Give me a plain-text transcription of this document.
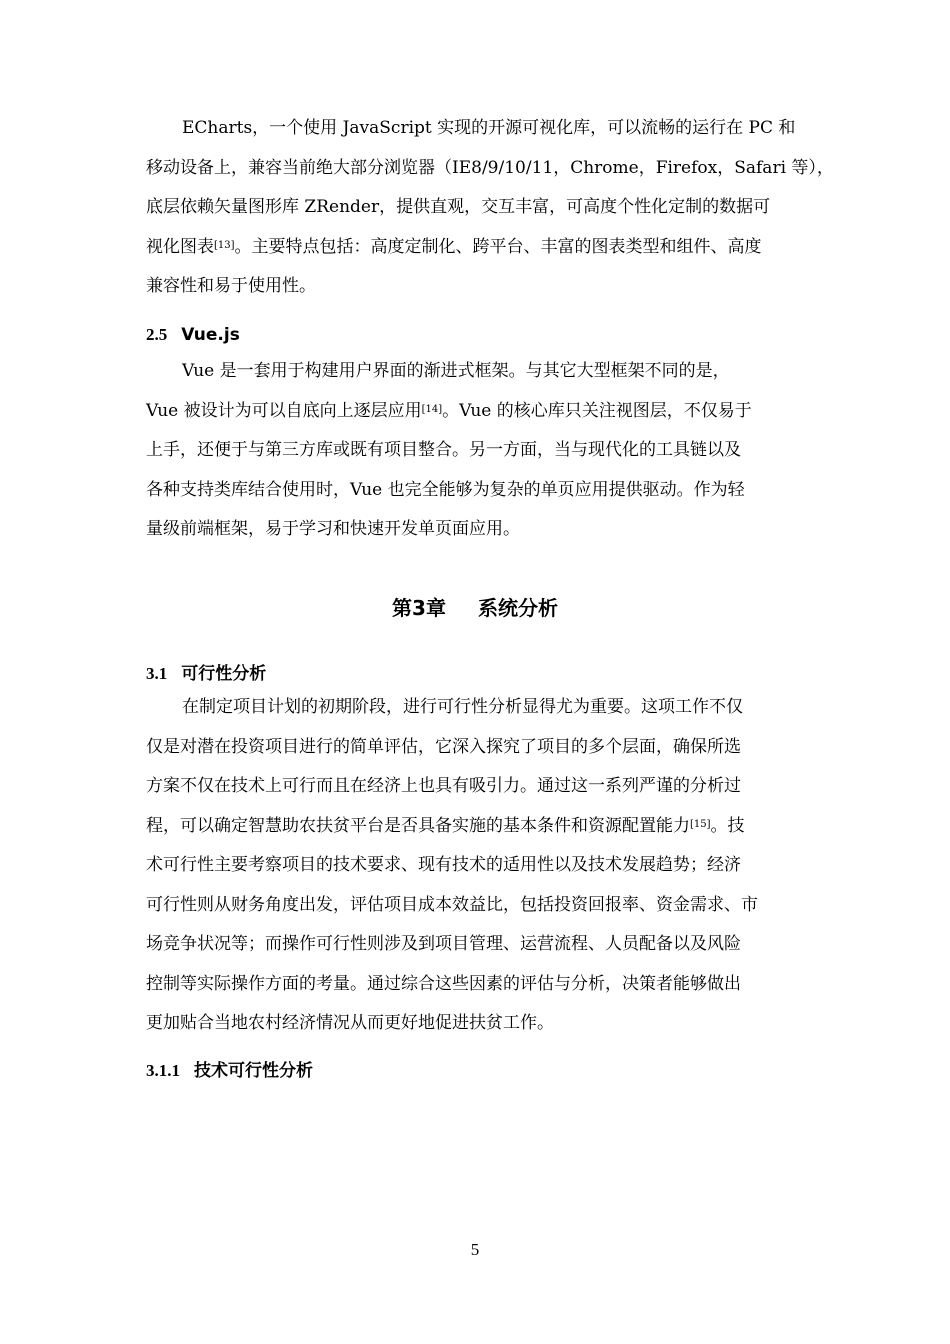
ECharts，一个使用 JavaScript 实现的开源可视化库，可以流畅的运行在 PC 和
移动设备上，兼容当前绝大部分浏览器（IE8/9/10/11，Chrome，Firefox，Safari 等），
底层依赖矢量图形库 ZRender，提供直观，交互丰富，可高度个性化定制的数据可
视化图表[13]。主要特点包括：高度定制化、跨平台、丰富的图表类型和组件、高度
兼容性和易于使用性。
2.5 Vue.js
Vue 是一套用于构建用户界面的渐进式框架。与其它大型框架不同的是，
Vue 被设计为可以自底向上逐层应用[14]。Vue 的核心库只关注视图层，不仅易于
上手，还便于与第三方库或既有项目整合。另一方面，当与现代化的工具链以及
各种支持类库结合使用时，Vue 也完全能够为复杂的单页应用提供驱动。作为轻
量级前端框架，易于学习和快速开发单页面应用。
第3章 系统分析
3.1 可行性分析
在制定项目计划的初期阶段，进行可行性分析显得尤为重要。这项工作不仅
仅是对潜在投资项目进行的简单评估，它深入探究了项目的多个层面，确保所选
方案不仅在技术上可行而且在经济上也具有吸引力。通过这一系列严谨的分析过
程，可以确定智慧助农扶贫平台是否具备实施的基本条件和资源配置能力[15]。技
术可行性主要考察项目的技术要求、现有技术的适用性以及技术发展趋势；经济
可行性则从财务角度出发，评估项目成本效益比，包括投资回报率、资金需求、市
场竞争状况等；而操作可行性则涉及到项目管理、运营流程、人员配备以及风险
控制等实际操作方面的考量。通过综合这些因素的评估与分析，决策者能够做出
更加贴合当地农村经济情况从而更好地促进扶贫工作。
3.1.1 技术可行性分析
5
